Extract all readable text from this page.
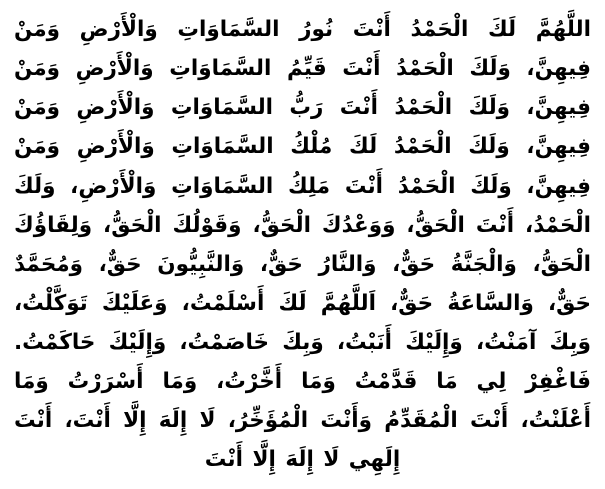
اللَّهُمَّ لَكَ الْحَمْدُ أَنْتَ نُورُ السَّمَاوَاتِ وَالْأَرْضِ وَمَنْ فِيهِنَّ، وَلَكَ الْحَمْدُ أَنْتَ قَيِّمُ السَّمَاوَاتِ وَالْأَرْضِ وَمَنْ فِيهِنَّ، وَلَكَ الْحَمْدُ أَنْتَ رَبُّ السَّمَاوَاتِ وَالْأَرْضِ وَمَنْ فِيهِنَّ، وَلَكَ الْحَمْدُ لَكَ مُلْكُ السَّمَاوَاتِ وَالْأَرْضِ وَمَنْ فِيهِنَّ، وَلَكَ الْحَمْدُ أَنْتَ مَلِكُ السَّمَاوَاتِ وَالْأَرْضِ، وَلَكَ الْحَمْدُ، أَنْتَ الْحَقُّ، وَوَعْدُكَ الْحَقُّ، وَقَوْلُكَ الْحَقُّ، وَلِقَاؤُكَ الْحَقُّ، وَالْجَنَّةُ حَقٌّ، وَالنَّارُ حَقٌّ، وَالنَّبِيُّونَ حَقٌّ، وَمُحَمَّدٌ حَقٌّ، وَالسَّاعَةُ حَقٌّ، اَللَّهُمَّ لَكَ أَسْلَمْتُ، وَعَلَيْكَ تَوَكَّلْتُ، وَبِكَ آمَنْتُ، وَإِلَيْكَ أَنَبْتُ، وَبِكَ خَاصَمْتُ، وَإِلَيْكَ حَاكَمْتُ. فَاغْفِرْ لِي مَا قَدَّمْتُ وَمَا أَخَّرْتُ، وَمَا أَسْرَرْتُ وَمَا أَعْلَنْتُ، أَنْتَ الْمُقَدِّمُ وَأَنْتَ الْمُؤَخِّرُ، لَا إِلَهَ إِلَّا أَنْتَ، أَنْتَ إِلَهِي لَا إِلَهَ إِلَّا أَنْتَ
